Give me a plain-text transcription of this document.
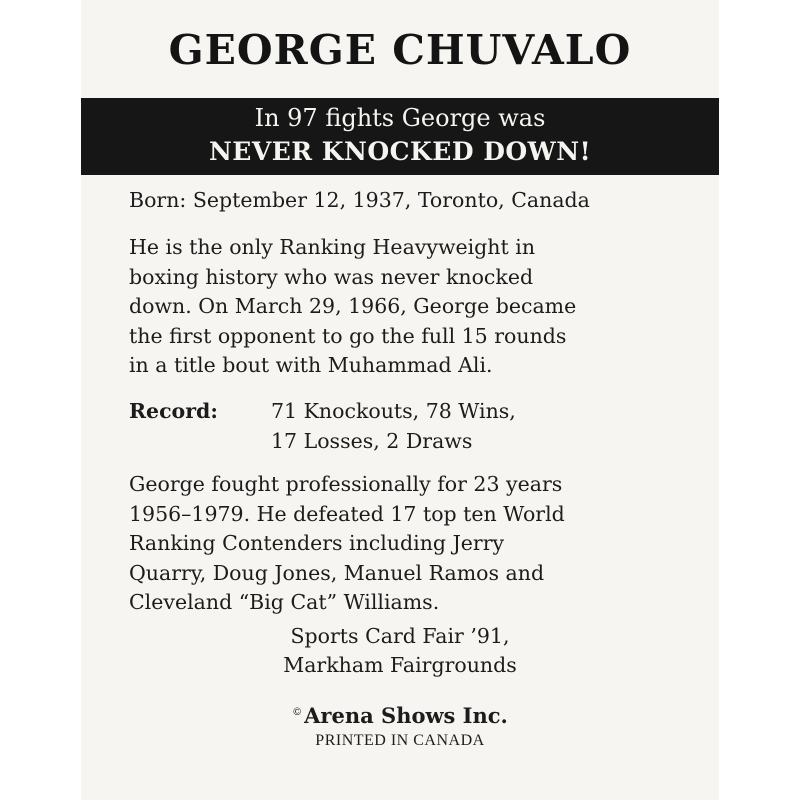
GEORGE CHUVALO
In 97 fights George was
NEVER KNOCKED DOWN!
Born: September 12, 1937, Toronto, Canada
He is the only Ranking Heavyweight in
boxing history who was never knocked
down. On March 29, 1966, George became
the first opponent to go the full 15 rounds
in a title bout with Muhammad Ali.
Record:	71 Knockouts, 78 Wins,
17 Losses, 2 Draws
George fought professionally for 23 years
1956–1979. He defeated 17 top ten World
Ranking Contenders including Jerry
Quarry, Doug Jones, Manuel Ramos and
Cleveland “Big Cat” Williams.
Sports Card Fair ’91,
Markham Fairgrounds
©Arena Shows Inc.
PRINTED IN CANADA
